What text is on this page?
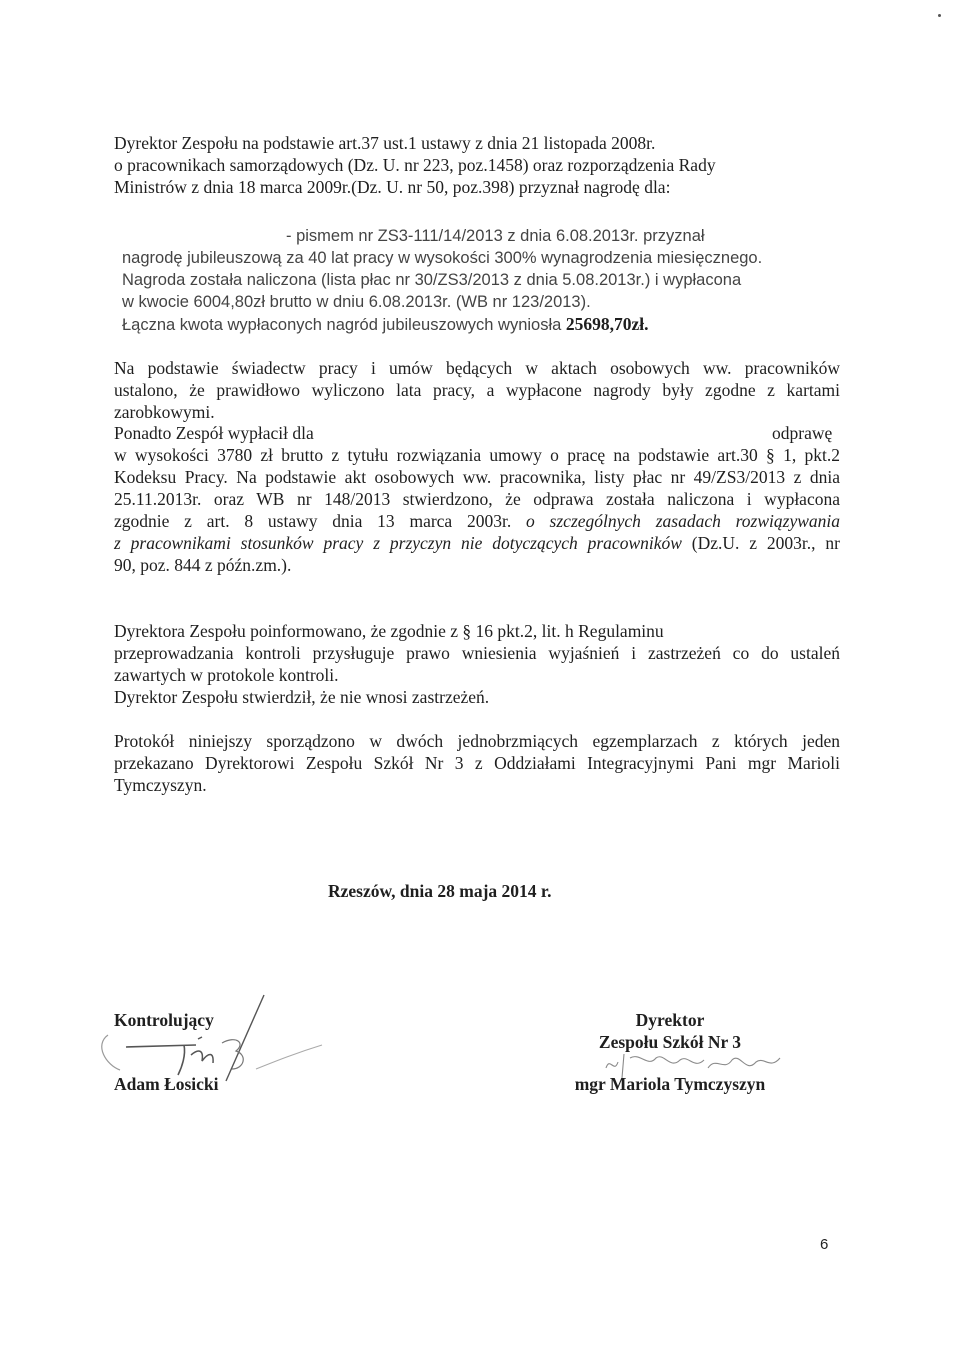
Dyrektor Zespołu na podstawie art.37 ust.1 ustawy z dnia 21 listopada 2008r.
o pracownikach samorządowych (Dz. U. nr 223, poz.1458) oraz rozporządzenia Rady
Ministrów z dnia 18 marca 2009r.(Dz. U. nr 50, poz.398) przyznał nagrodę dla:
- pismem nr ZS3-111/14/2013 z dnia 6.08.2013r. przyznał
nagrodę jubileuszową za 40 lat pracy w wysokości 300% wynagrodzenia miesięcznego.
Nagroda została naliczona (lista płac nr 30/ZS3/2013 z dnia 5.08.2013r.) i wypłacona
w kwocie 6004,80zł brutto w dniu 6.08.2013r. (WB nr 123/2013).
Łączna kwota wypłaconych nagród jubileuszowych wyniosła 25698,70zł.
Na podstawie świadectw pracy i umów będących w aktach osobowych ww. pracowników
ustalono, że prawidłowo wyliczono lata pracy, a wypłacone nagrody były zgodne z kartami
zarobkowymi.
Ponadto Zespół wypłacił dla	odprawę
w wysokości 3780 zł brutto z tytułu rozwiązania umowy o pracę na podstawie art.30 § 1, pkt.2
Kodeksu Pracy. Na podstawie akt osobowych ww. pracownika, listy płac nr 49/ZS3/2013 z dnia
25.11.2013r. oraz WB nr 148/2013 stwierdzono, że odprawa została naliczona i wypłacona
zgodnie z art. 8 ustawy dnia 13 marca 2003r. o szczególnych zasadach rozwiązywania
z pracownikami stosunków pracy z przyczyn nie dotyczących pracowników (Dz.U. z 2003r., nr
90, poz. 844 z późn.zm.).
Dyrektora Zespołu poinformowano, że zgodnie z § 16 pkt.2, lit. h Regulaminu
przeprowadzania kontroli przysługuje prawo wniesienia wyjaśnień i zastrzeżeń co do ustaleń
zawartych w protokole kontroli.
Dyrektor Zespołu stwierdził, że nie wnosi zastrzeżeń.
Protokół niniejszy sporządzono w dwóch jednobrzmiących egzemplarzach z których jeden
przekazano Dyrektorowi Zespołu Szkół Nr 3 z Oddziałami Integracyjnymi Pani mgr Marioli
Tymczyszyn.
Rzeszów, dnia 28 maja 2014 r.
Kontrolujący
Adam Łosicki
Dyrektor
Zespołu Szkół Nr 3
mgr Mariola Tymczyszyn
6
